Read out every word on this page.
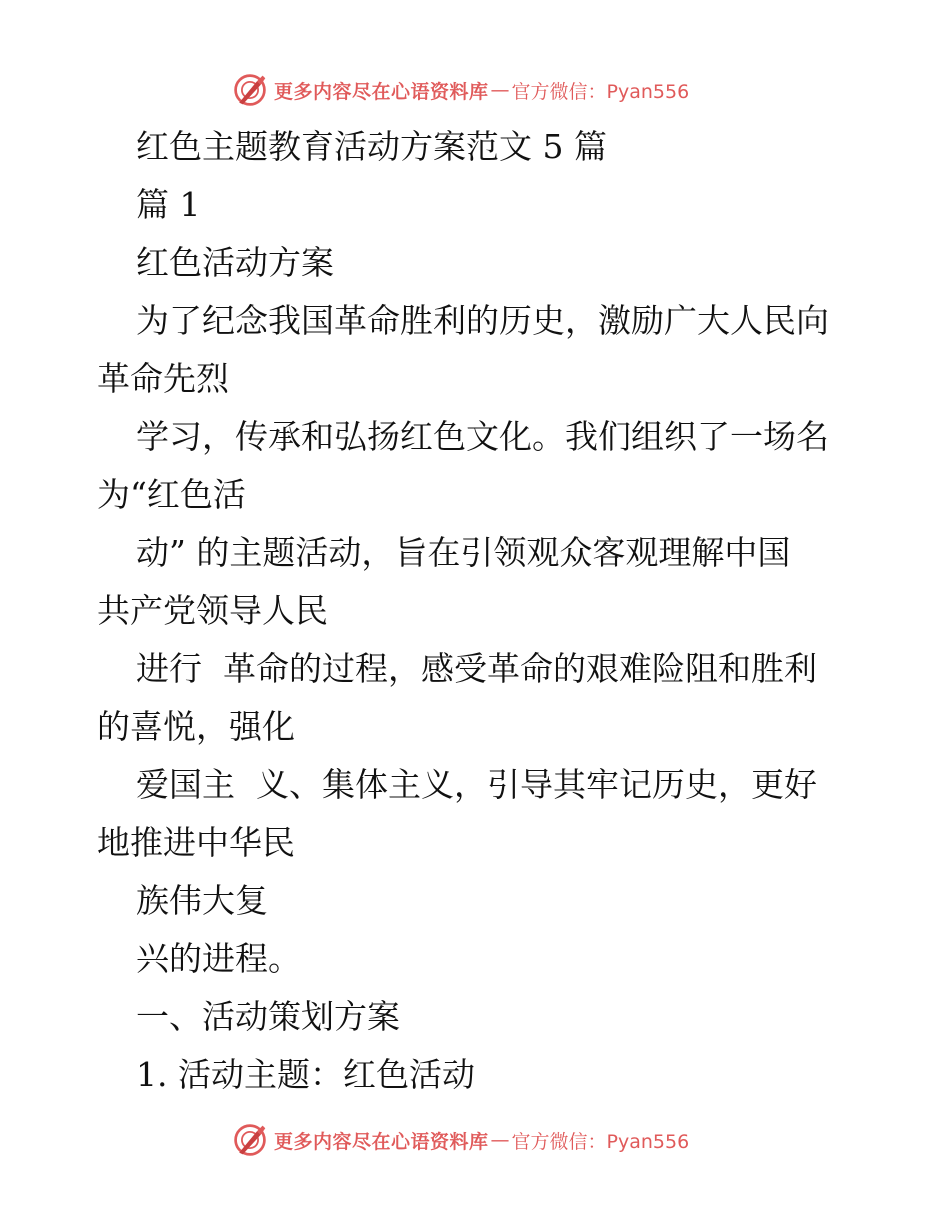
更多内容尽在心语资料库 — 官方微信：Pyan556
红色主题教育活动方案范文 5 篇
篇 1
红色活动方案
为了纪念我国革命胜利的历史，激励广大人民向
革命先烈
学习，传承和弘扬红色文化。我们组织了一场名
为“红色活
动” 的主题活动，旨在引领观众客观理解中国
共产党领导人民
进行  革命的过程，感受革命的艰难险阻和胜利
的喜悦，强化
爱国主  义、集体主义，引导其牢记历史，更好
地推进中华民
族伟大复
兴的进程。
一、活动策划方案
1. 活动主题：红色活动
更多内容尽在心语资料库 — 官方微信：Pyan556
